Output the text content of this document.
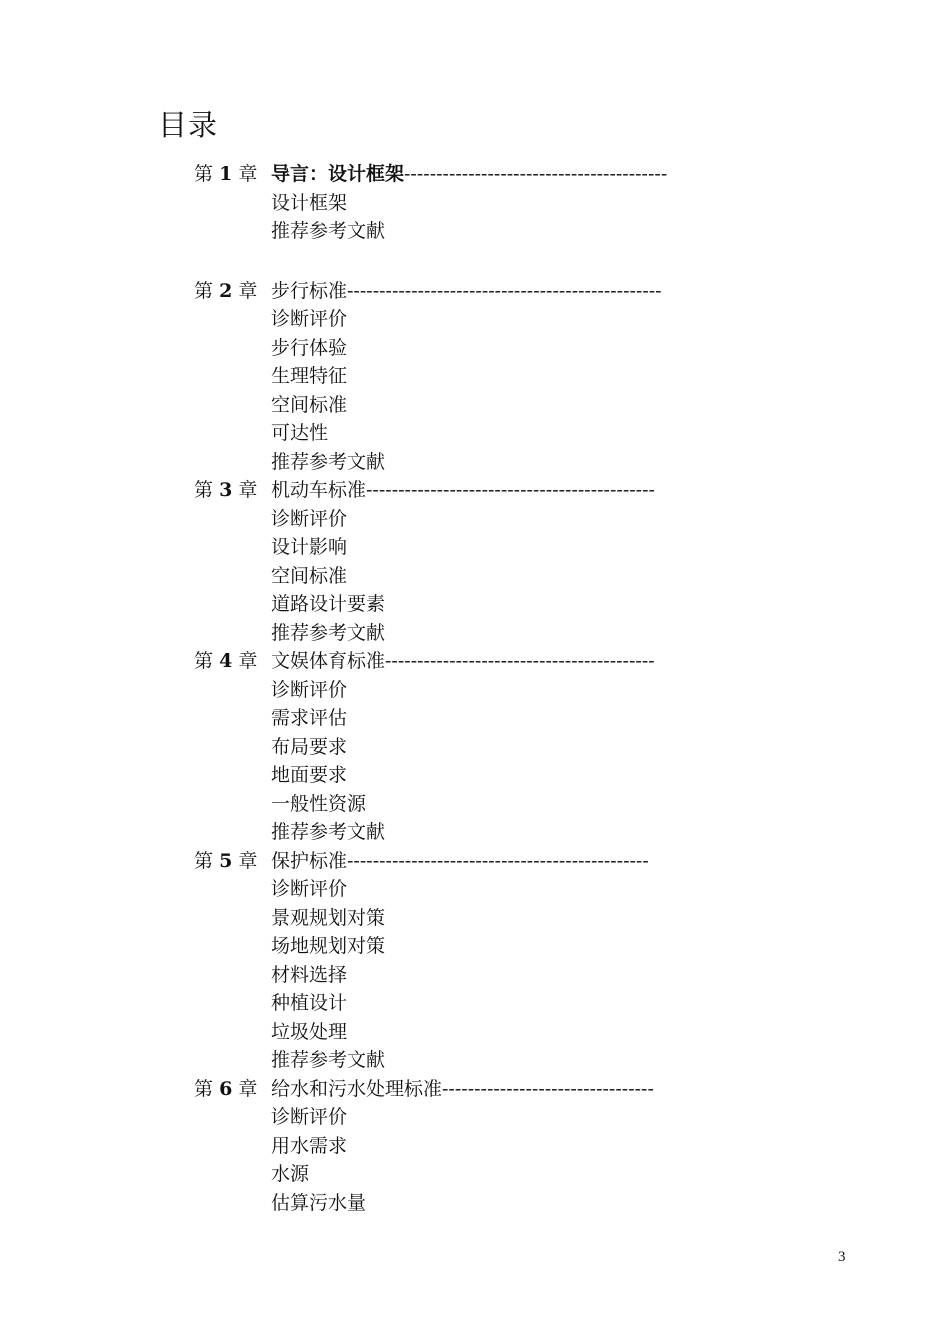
目录
第 1 章 导言：设计框架-----------------------------------------
设计框架
推荐参考文献
第 2 章 步行标准-------------------------------------------------
诊断评价
步行体验
生理特征
空间标准
可达性
推荐参考文献
第 3 章 机动车标准---------------------------------------------
诊断评价
设计影响
空间标准
道路设计要素
推荐参考文献
第 4 章 文娱体育标准------------------------------------------
诊断评价
需求评估
布局要求
地面要求
一般性资源
推荐参考文献
第 5 章 保护标准-----------------------------------------------
诊断评价
景观规划对策
场地规划对策
材料选择
种植设计
垃圾处理
推荐参考文献
第 6 章 给水和污水处理标准---------------------------------
诊断评价
用水需求
水源
估算污水量
3
